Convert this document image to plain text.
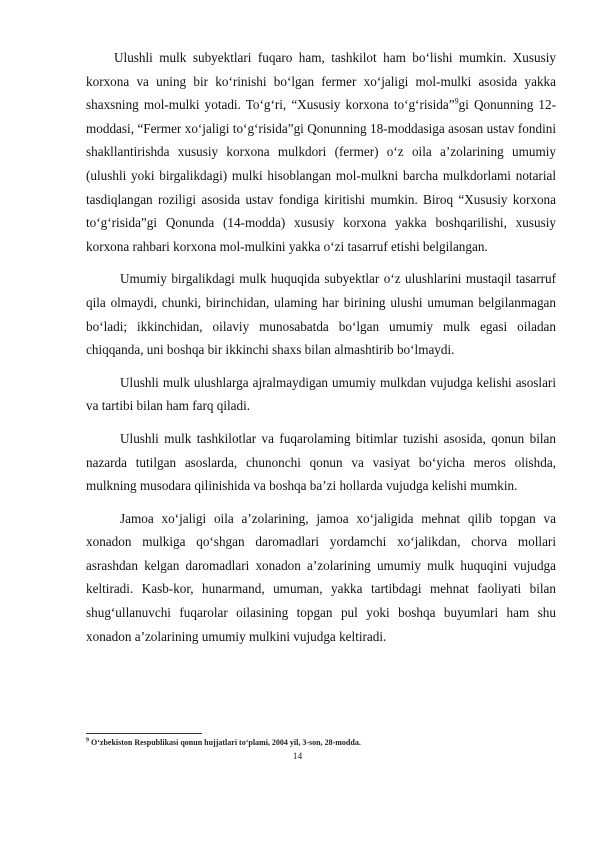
Ulushli mulk subyektlari fuqaro ham, tashkilot ham bo‘lishi mumkin. Xususiy korxona va uning bir ko‘rinishi bo‘lgan fermer xo‘jaligi mol-mulki asosida yakka shaxsning mol-mulki yotadi. To‘g‘ri, “Xususiy korxona to‘g‘risida”$^9$gi Qonunning 12-moddasi, “Fermer xo‘jaligi to‘g‘risida”gi Qonunning 18-moddasiga asosan ustav fondini shakllantirishda xususiy korxona mulkdori (fermer) o‘z oila a’zolarining umumiy (ulushli yoki birgalikdagi) mulki hisoblangan mol-mulkni barcha mulkdorlami notarial tasdiqlangan roziligi asosida ustav fondiga kiritishi mumkin. Biroq “Xususiy korxona to‘g‘risida”gi Qonunda (14-modda) xususiy korxona yakka boshqarilishi, xususiy korxona rahbari korxona mol-mulkini yakka o‘zi tasarruf etishi belgilangan.

Umumiy birgalikdagi mulk huquqida subyektlar o‘z ulushlarini mustaqil tasarruf qila olmaydi, chunki, birinchidan, ulaming har birining ulushi umuman belgilanmagan bo‘ladi; ikkinchidan, oilaviy munosabatda bo‘lgan umumiy mulk egasi oiladan chiqqanda, uni boshqa bir ikkinchi shaxs bilan almashtirib bo‘lmaydi.

Ulushli mulk ulushlarga ajralmaydigan umumiy mulkdan vujudga kelishi asoslari va tartibi bilan ham farq qiladi.

Ulushli mulk tashkilotlar va fuqarolaming bitimlar tuzishi asosida, qonun bilan nazarda tutilgan asoslarda, chunonchi qonun va vasiyat bo‘yicha meros olishda, mulkning musodara qilinishida va boshqa ba’zi hollarda vujudga kelishi mumkin.

Jamoa xo‘jaligi oila a’zolarining, jamoa xo‘jaligida mehnat qilib topgan va xonadon mulkiga qo‘shgan daromadlari yordamchi xo‘jalikdan, chorva mollari asrashdan kelgan daromadlari xonadon a’zolarining umumiy mulk huquqini vujudga keltiradi. Kasb-kor, hunarmand, umuman, yakka tartibdagi mehnat faoliyati bilan shug‘ullanuvchi fuqarolar oilasining topgan pul yoki boshqa buyumlari ham shu xonadon a’zolarining umumiy mulkini vujudga keltiradi.

$^9$ O‘zbekiston Respublikasi qonun hujjatlari to‘plami, 2004 yil, 3-son, 28-modda.
14
